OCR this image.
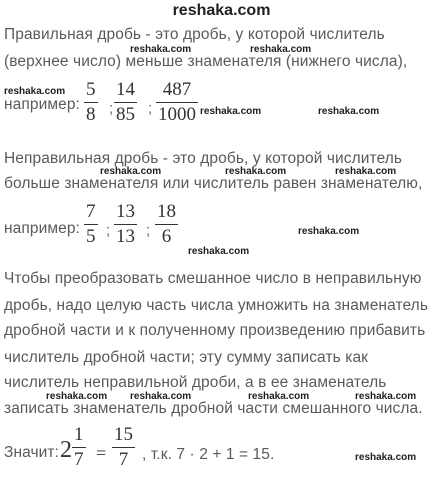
reshaka.com
Правильная дробь - это дробь, у которой числитель
reshaka.com	reshaka.com
(верхнее число) меньше знаменателя (нижнего числа),
reshaka.com
например:
5
8 ;
14
85 ;
487
1000 reshaka.com	reshaka.com
Неправильная дробь - это дробь, у которой числитель
reshaka.com	reshaka.com	reshaka.com
больше знаменателя или числитель равен знаменателю,
например:
7
5 ;
13
13 ;
18
6	reshaka.com
reshaka.com
Чтобы преобразовать смешанное число в неправильную
дробь, надо целую часть числа умножить на знаменатель
дробной части и к полученному произведению прибавить
числитель дробной части; эту сумму записать как
числитель неправильной дроби, а в ее знаменатель
reshaka.com reshaka.com	reshaka.com	reshaka.com
записать знаменатель дробной части смешанного числа.
Значит: 2
1
7 =
15
7 , т.к. 7 · 2 + 1 = 15.	reshaka.com
